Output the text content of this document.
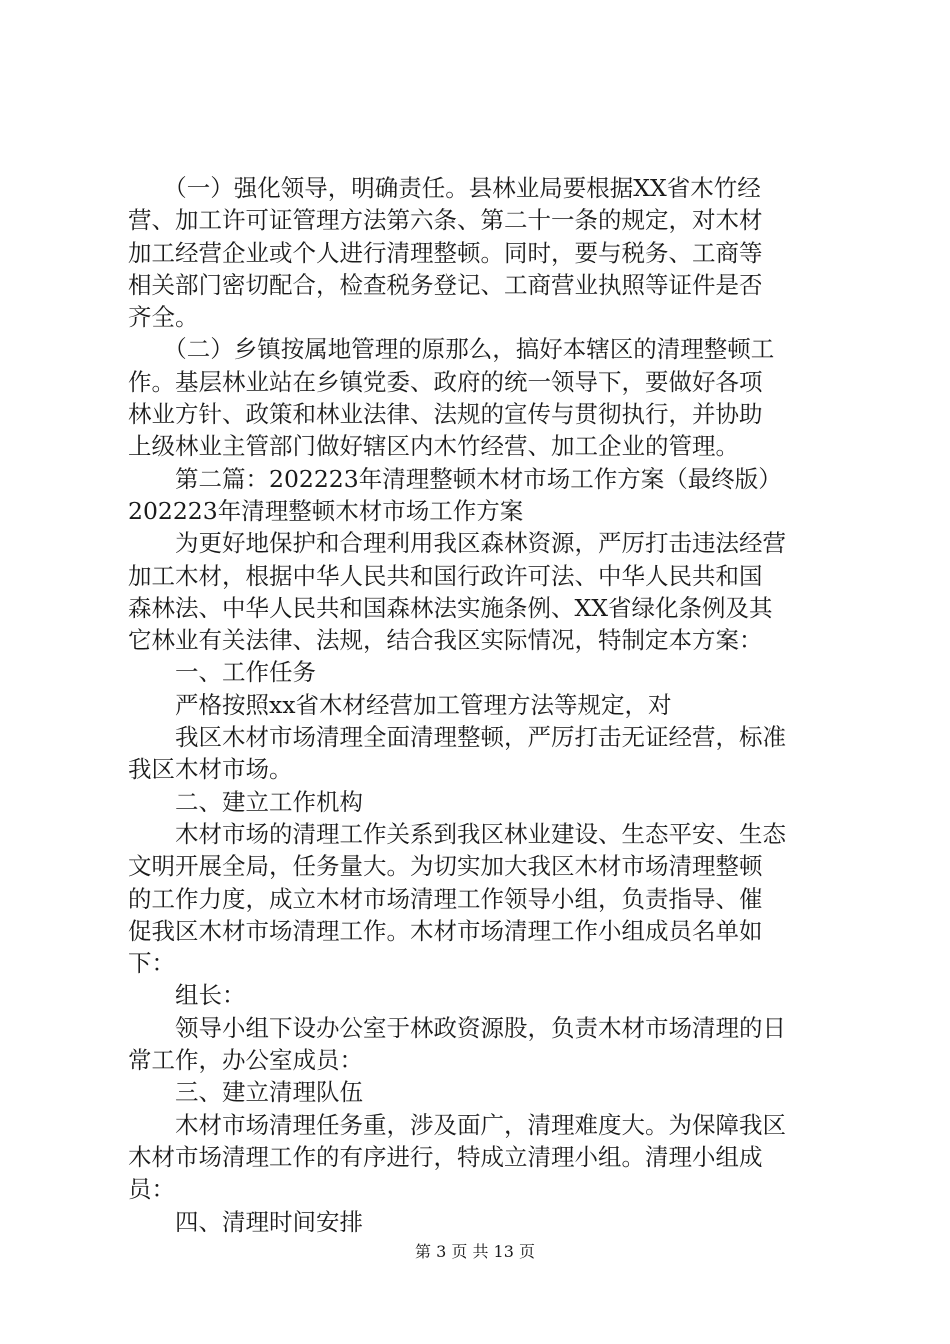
　　（一）强化领导，明确责任。县林业局要根据XX省木竹经
营、加工许可证管理方法第六条、第二十一条的规定，对木材
加工经营企业或个人进行清理整顿。同时，要与税务、工商等
相关部门密切配合，检查税务登记、工商营业执照等证件是否
齐全。
　　（二）乡镇按属地管理的原那么，搞好本辖区的清理整顿工
作。基层林业站在乡镇党委、政府的统一领导下，要做好各项
林业方针、政策和林业法律、法规的宣传与贯彻执行，并协助
上级林业主管部门做好辖区内木竹经营、加工企业的管理。
　　第二篇：202223年清理整顿木材市场工作方案（最终版）
202223年清理整顿木材市场工作方案
　　为更好地保护和合理利用我区森林资源，严厉打击违法经营
加工木材，根据中华人民共和国行政许可法、中华人民共和国
森林法、中华人民共和国森林法实施条例、XX省绿化条例及其
它林业有关法律、法规，结合我区实际情况，特制定本方案：
　　一、工作任务
　　严格按照xx省木材经营加工管理方法等规定，对
　　我区木材市场清理全面清理整顿，严厉打击无证经营，标准
我区木材市场。
　　二、建立工作机构
　　木材市场的清理工作关系到我区林业建设、生态平安、生态
文明开展全局，任务量大。为切实加大我区木材市场清理整顿
的工作力度，成立木材市场清理工作领导小组，负责指导、催
促我区木材市场清理工作。木材市场清理工作小组成员名单如
下：
　　组长：
　　领导小组下设办公室于林政资源股，负责木材市场清理的日
常工作，办公室成员：
　　三、建立清理队伍
　　木材市场清理任务重，涉及面广，清理难度大。为保障我区
木材市场清理工作的有序进行，特成立清理小组。清理小组成
员：
　　四、清理时间安排
第 3 页 共 13 页
